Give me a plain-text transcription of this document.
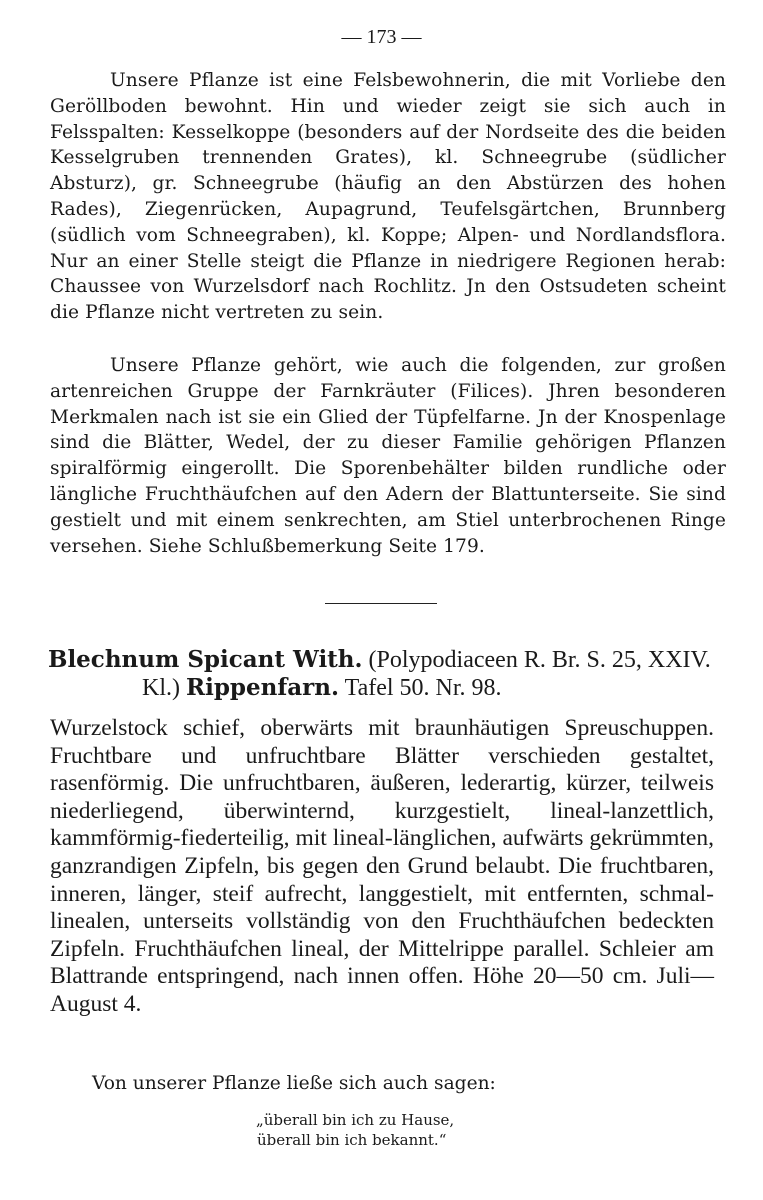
— 173 —

Unsere Pflanze ist eine Felsbewohnerin, die mit Vorliebe den Geröllboden bewohnt. Hin und wieder zeigt sie sich auch in Felsspalten: Kesselkoppe (besonders auf der Nordseite des die beiden Kesselgruben trennenden Grates), kl. Schneegrube (südlicher Absturz), gr. Schneegrube (häufig an den Abstürzen des hohen Rades), Ziegenrücken, Aupagrund, Teufelsgärtchen, Brunnberg (südlich vom Schneegraben), kl. Koppe; Alpen- und Nordlandsflora. Nur an einer Stelle steigt die Pflanze in niedrigere Regionen herab: Chaussee von Wurzelsdorf nach Rochlitz. Jn den Ostsudeten scheint die Pflanze nicht vertreten zu sein.

Unsere Pflanze gehört, wie auch die folgenden, zur großen artenreichen Gruppe der Farnkräuter (Filices). Jhren besonderen Merkmalen nach ist sie ein Glied der Tüpfelfarne. Jn der Knospenlage sind die Blätter, Wedel, der zu dieser Familie gehörigen Pflanzen spiralförmig eingerollt. Die Sporenbehälter bilden rundliche oder längliche Fruchthäufchen auf den Adern der Blattunterseite. Sie sind gestielt und mit einem senkrechten, am Stiel unterbrochenen Ringe versehen. Siehe Schlußbemerkung Seite 179.

Blechnum Spicant With. (Polypodiaceen R. Br. S. 25, XXIV. Kl.) Rippenfarn. Tafel 50. Nr. 98.
Wurzelstock schief, oberwärts mit braunhäutigen Spreuschuppen. Fruchtbare und unfruchtbare Blätter verschieden gestaltet, rasenförmig. Die unfruchtbaren, äußeren, lederartig, kürzer, teilweis niederliegend, überwinternd, kurzgestielt, lineal-lanzettlich, kammförmig-fiederteilig, mit lineal-länglichen, aufwärts gekrümmten, ganzrandigen Zipfeln, bis gegen den Grund belaubt. Die fruchtbaren, inneren, länger, steif aufrecht, langgestielt, mit entfernten, schmal-linealen, unterseits vollständig von den Fruchthäufchen bedeckten Zipfeln. Fruchthäufchen lineal, der Mittelrippe parallel. Schleier am Blattrande entspringend, nach innen offen. Höhe 20—50 cm. Juli—August 4.
Von unserer Pflanze ließe sich auch sagen:
„überall bin ich zu Hause,
überall bin ich bekannt.“
